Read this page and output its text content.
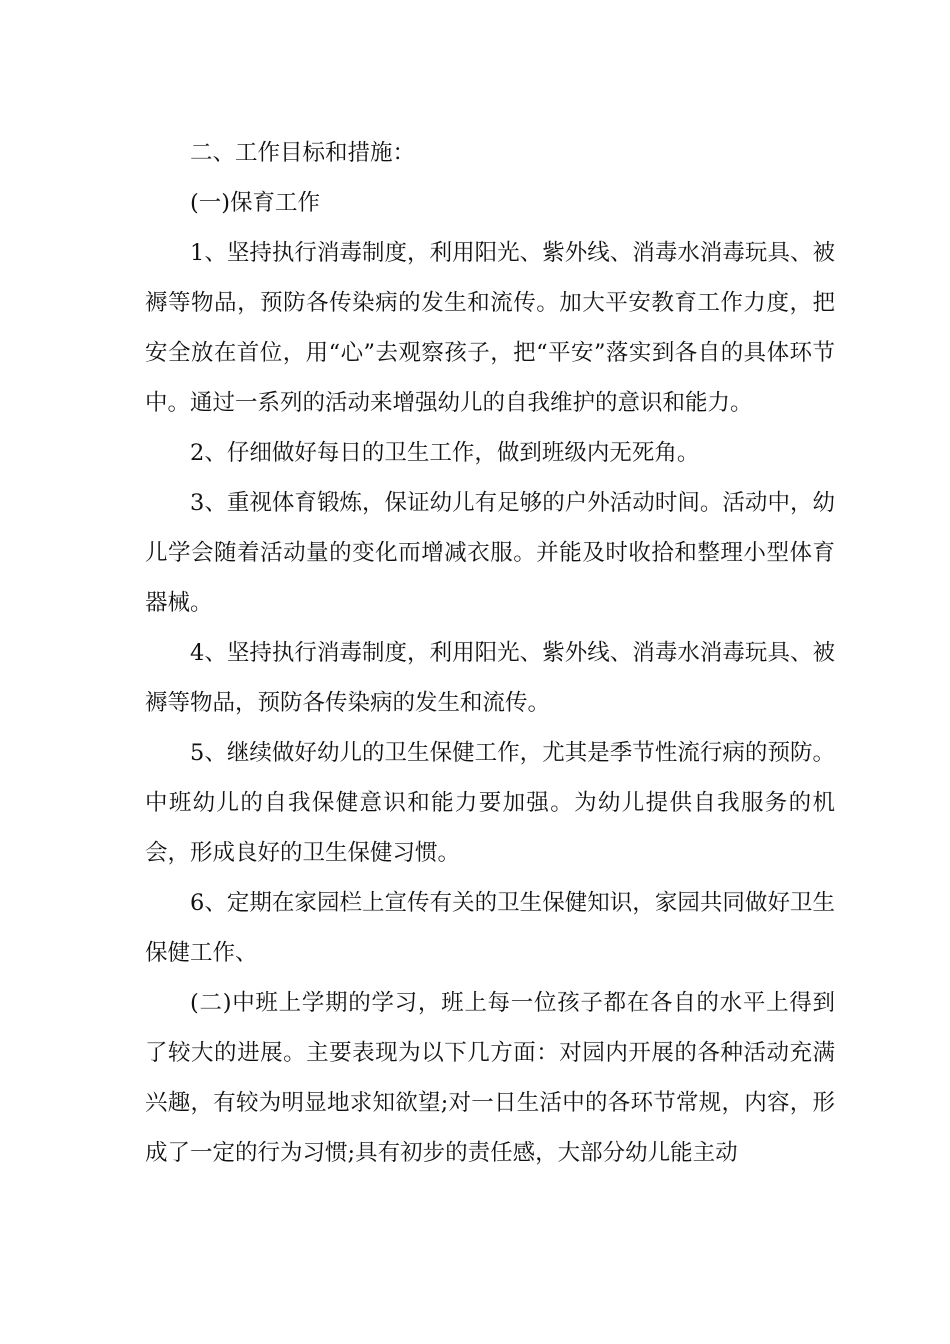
二、工作目标和措施：

(一)保育工作

1、坚持执行消毒制度，利用阳光、紫外线、消毒水消毒玩具、被褥等物品，预防各传染病的发生和流传。加大平安教育工作力度，把安全放在首位，用“心”去观察孩子，把“平安”落实到各自的具体环节中。通过一系列的活动来增强幼儿的自我维护的意识和能力。

2、仔细做好每日的卫生工作，做到班级内无死角。

3、重视体育锻炼，保证幼儿有足够的户外活动时间。活动中，幼儿学会随着活动量的变化而增减衣服。并能及时收拾和整理小型体育器械。

4、坚持执行消毒制度，利用阳光、紫外线、消毒水消毒玩具、被褥等物品，预防各传染病的发生和流传。

5、继续做好幼儿的卫生保健工作，尤其是季节性流行病的预防。中班幼儿的自我保健意识和能力要加强。为幼儿提供自我服务的机会，形成良好的卫生保健习惯。

6、定期在家园栏上宣传有关的卫生保健知识，家园共同做好卫生保健工作、

(二)中班上学期的学习，班上每一位孩子都在各自的水平上得到了较大的进展。主要表现为以下几方面：对园内开展的各种活动充满兴趣，有较为明显地求知欲望;对一日生活中的各环节常规，内容，形成了一定的行为习惯;具有初步的责任感，大部分幼儿能主动
